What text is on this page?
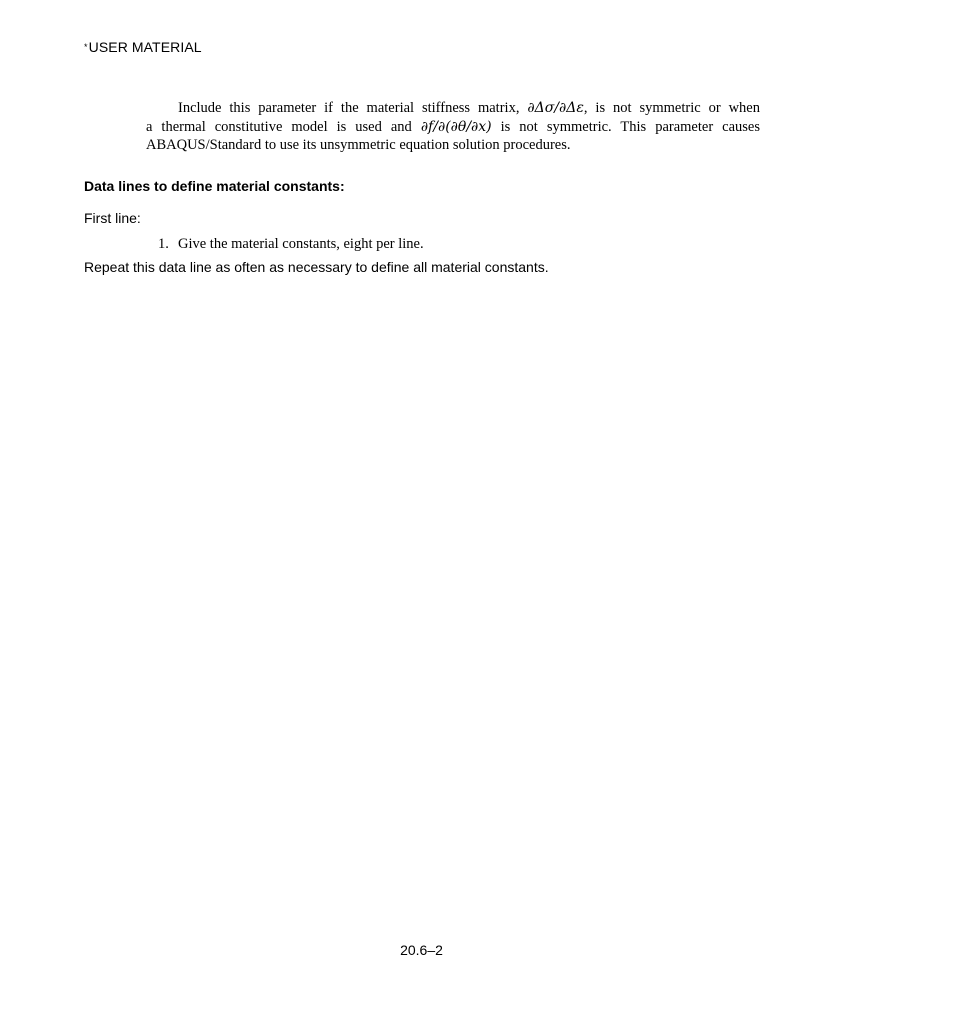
*USER MATERIAL
Include this parameter if the material stiffness matrix, ∂Δσ/∂Δε, is not symmetric or when
a thermal constitutive model is used and ∂f/∂(∂θ/∂x) is not symmetric. This parameter causes
ABAQUS/Standard to use its unsymmetric equation solution procedures.
Data lines to define material constants:
First line:
1. Give the material constants, eight per line.
Repeat this data line as often as necessary to define all material constants.
20.6–2
